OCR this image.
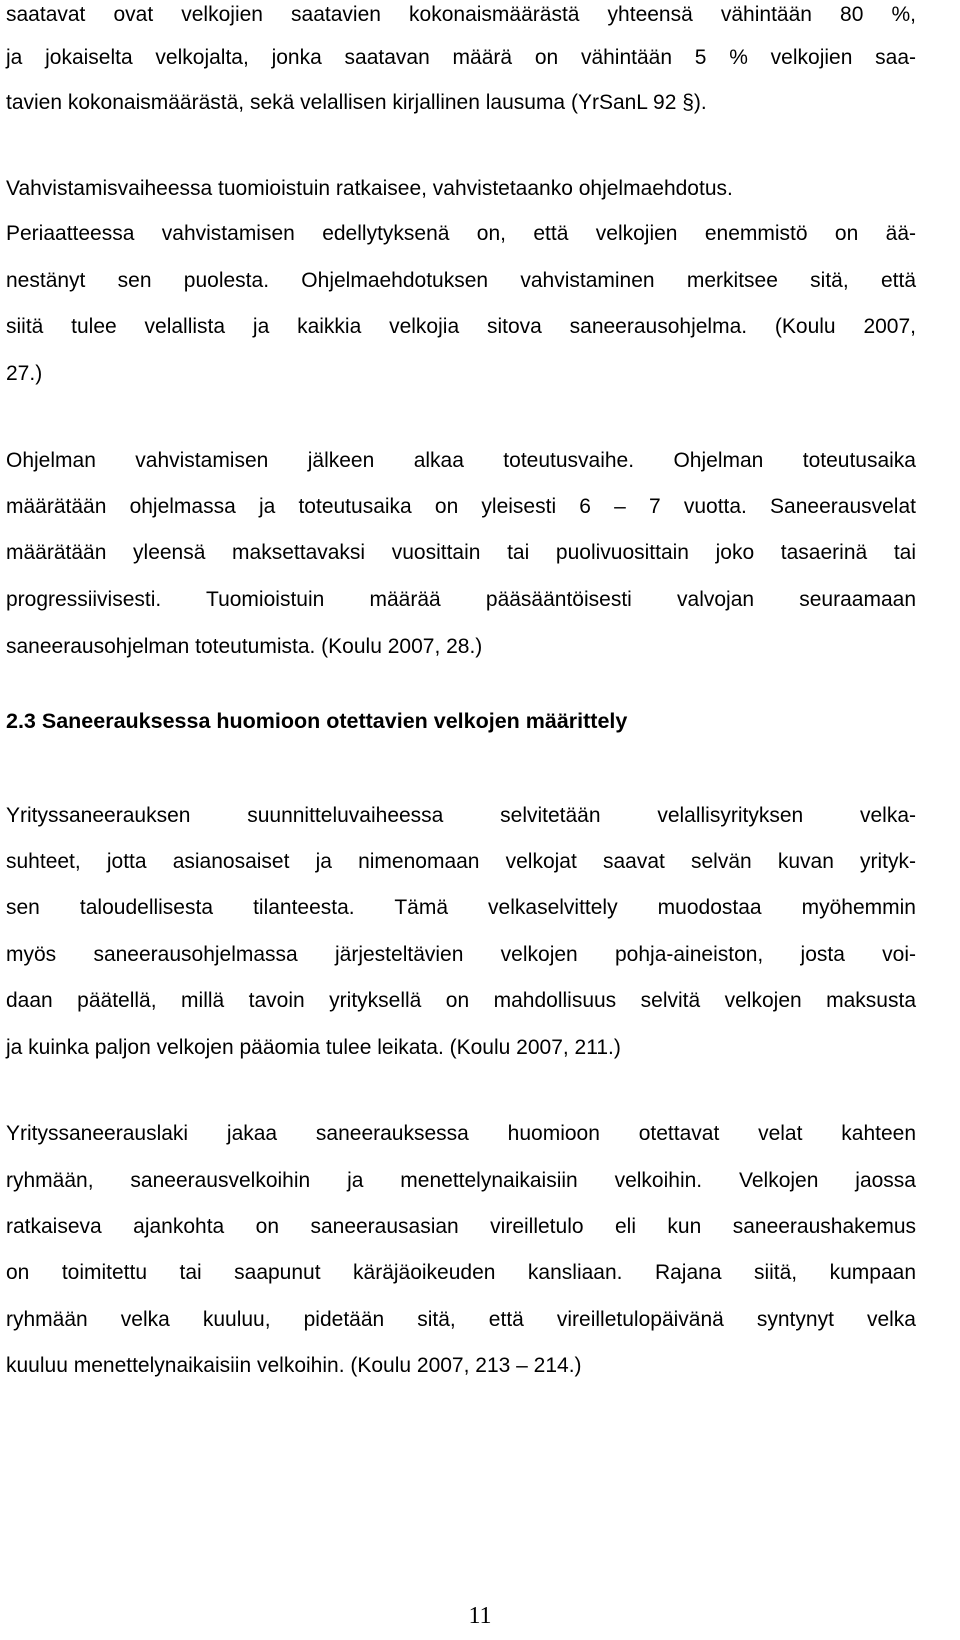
saatavat ovat velkojien saatavien kokonaismäärästä yhteensä vähintään 80 %,
ja jokaiselta velkojalta, jonka saatavan määrä on vähintään 5 % velkojien saa-
tavien kokonaismäärästä, sekä velallisen kirjallinen lausuma (YrSanL 92 §).
Vahvistamisvaiheessa tuomioistuin ratkaisee, vahvistetaanko ohjelmaehdotus.
Periaatteessa vahvistamisen edellytyksenä on, että velkojien enemmistö on ää-
nestänyt sen puolesta. Ohjelmaehdotuksen vahvistaminen merkitsee sitä, että
siitä tulee velallista ja kaikkia velkojia sitova saneerausohjelma. (Koulu 2007,
27.)
Ohjelman vahvistamisen jälkeen alkaa toteutusvaihe. Ohjelman toteutusaika
määrätään ohjelmassa ja toteutusaika on yleisesti 6 – 7 vuotta. Saneerausvelat
määrätään yleensä maksettavaksi vuosittain tai puolivuosittain joko tasaerinä tai
progressiivisesti. Tuomioistuin määrää pääsääntöisesti valvojan seuraamaan
saneerausohjelman toteutumista. (Koulu 2007, 28.)
2.3 Saneerauksessa huomioon otettavien velkojen määrittely
Yrityssaneerauksen suunnitteluvaiheessa selvitetään velallisyrityksen velka-
suhteet, jotta asianosaiset ja nimenomaan velkojat saavat selvän kuvan yrityk-
sen taloudellisesta tilanteesta. Tämä velkaselvittely muodostaa myöhemmin
myös saneerausohjelmassa järjesteltävien velkojen pohja-aineiston, josta voi-
daan päätellä, millä tavoin yrityksellä on mahdollisuus selvitä velkojen maksusta
ja kuinka paljon velkojen pääomia tulee leikata. (Koulu 2007, 211.)
Yrityssaneerauslaki jakaa saneerauksessa huomioon otettavat velat kahteen
ryhmään, saneerausvelkoihin ja menettelynaikaisiin velkoihin. Velkojen jaossa
ratkaiseva ajankohta on saneerausasian vireilletulo eli kun saneeraushakemus
on toimitettu tai saapunut käräjäoikeuden kansliaan. Rajana siitä, kumpaan
ryhmään velka kuuluu, pidetään sitä, että vireilletulopäivänä syntynyt velka
kuuluu menettelynaikaisiin velkoihin. (Koulu 2007, 213 – 214.)
11
